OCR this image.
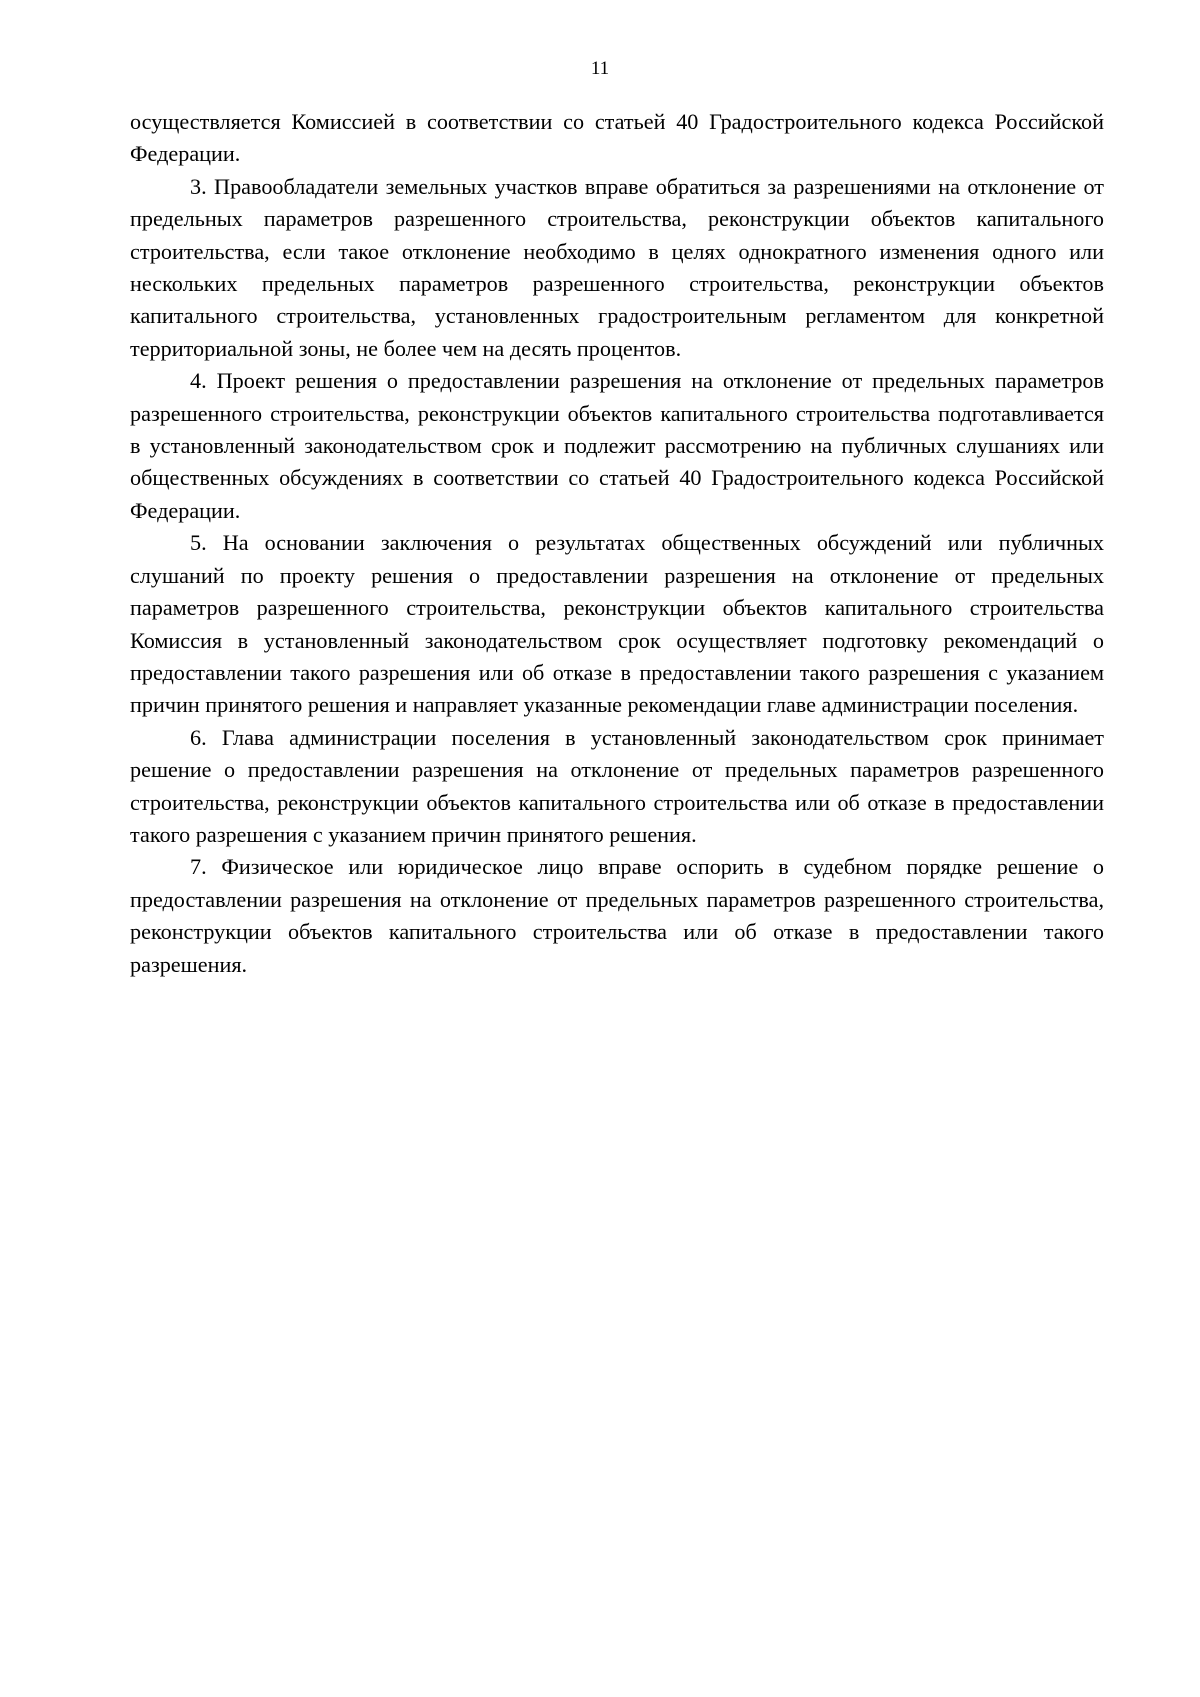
11

осуществляется Комиссией в соответствии со статьей 40 Градостроительного кодекса Российской Федерации.

3. Правообладатели земельных участков вправе обратиться за разрешениями на отклонение от предельных параметров разрешенного строительства, реконструкции объектов капитального строительства, если такое отклонение необходимо в целях однократного изменения одного или нескольких предельных параметров разрешенного строительства, реконструкции объектов капитального строительства, установленных градостроительным регламентом для конкретной территориальной зоны, не более чем на десять процентов.

4. Проект решения о предоставлении разрешения на отклонение от предельных параметров разрешенного строительства, реконструкции объектов капитального строительства подготавливается в установленный законодательством срок и подлежит рассмотрению на публичных слушаниях или общественных обсуждениях в соответствии со статьей 40 Градостроительного кодекса Российской Федерации.

5. На основании заключения о результатах общественных обсуждений или публичных слушаний по проекту решения о предоставлении разрешения на отклонение от предельных параметров разрешенного строительства, реконструкции объектов капитального строительства Комиссия в установленный законодательством срок осуществляет подготовку рекомендаций о предоставлении такого разрешения или об отказе в предоставлении такого разрешения с указанием причин принятого решения и направляет указанные рекомендации главе администрации поселения.

6. Глава администрации поселения в установленный законодательством срок принимает решение о предоставлении разрешения на отклонение от предельных параметров разрешенного строительства, реконструкции объектов капитального строительства или об отказе в предоставлении такого разрешения с указанием причин принятого решения.

7. Физическое или юридическое лицо вправе оспорить в судебном порядке решение о предоставлении разрешения на отклонение от предельных параметров разрешенного строительства, реконструкции объектов капитального строительства или об отказе в предоставлении такого разрешения.
